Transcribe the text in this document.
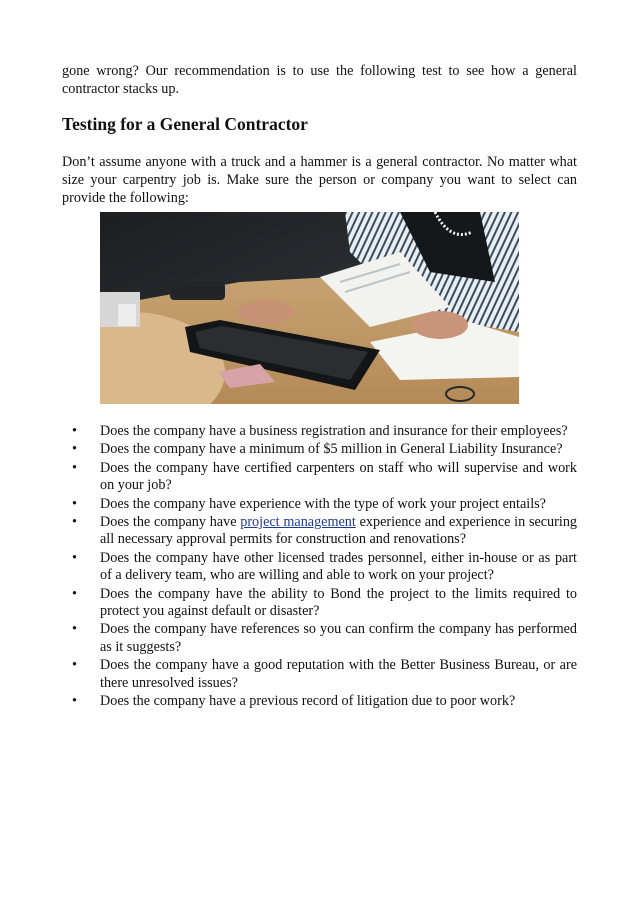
gone wrong? Our recommendation is to use the following test to see how a general contractor stacks up.

Testing for a General Contractor

Don’t assume anyone with a truck and a hammer is a general contractor. No matter what size your carpentry job is. Make sure the person or company you want to select can provide the following:

• Does the company have a business registration and insurance for their employees?
• Does the company have a minimum of $5 million in General Liability Insurance?
• Does the company have certified carpenters on staff who will supervise and work on your job?
• Does the company have experience with the type of work your project entails?
• Does the company have project management experience and experience in securing all necessary approval permits for construction and renovations?
• Does the company have other licensed trades personnel, either in-house or as part of a delivery team, who are willing and able to work on your project?
• Does the company have the ability to Bond the project to the limits required to protect you against default or disaster?
• Does the company have references so you can confirm the company has performed as it suggests?
• Does the company have a good reputation with the Better Business Bureau, or are there unresolved issues?
• Does the company have a previous record of litigation due to poor work?
